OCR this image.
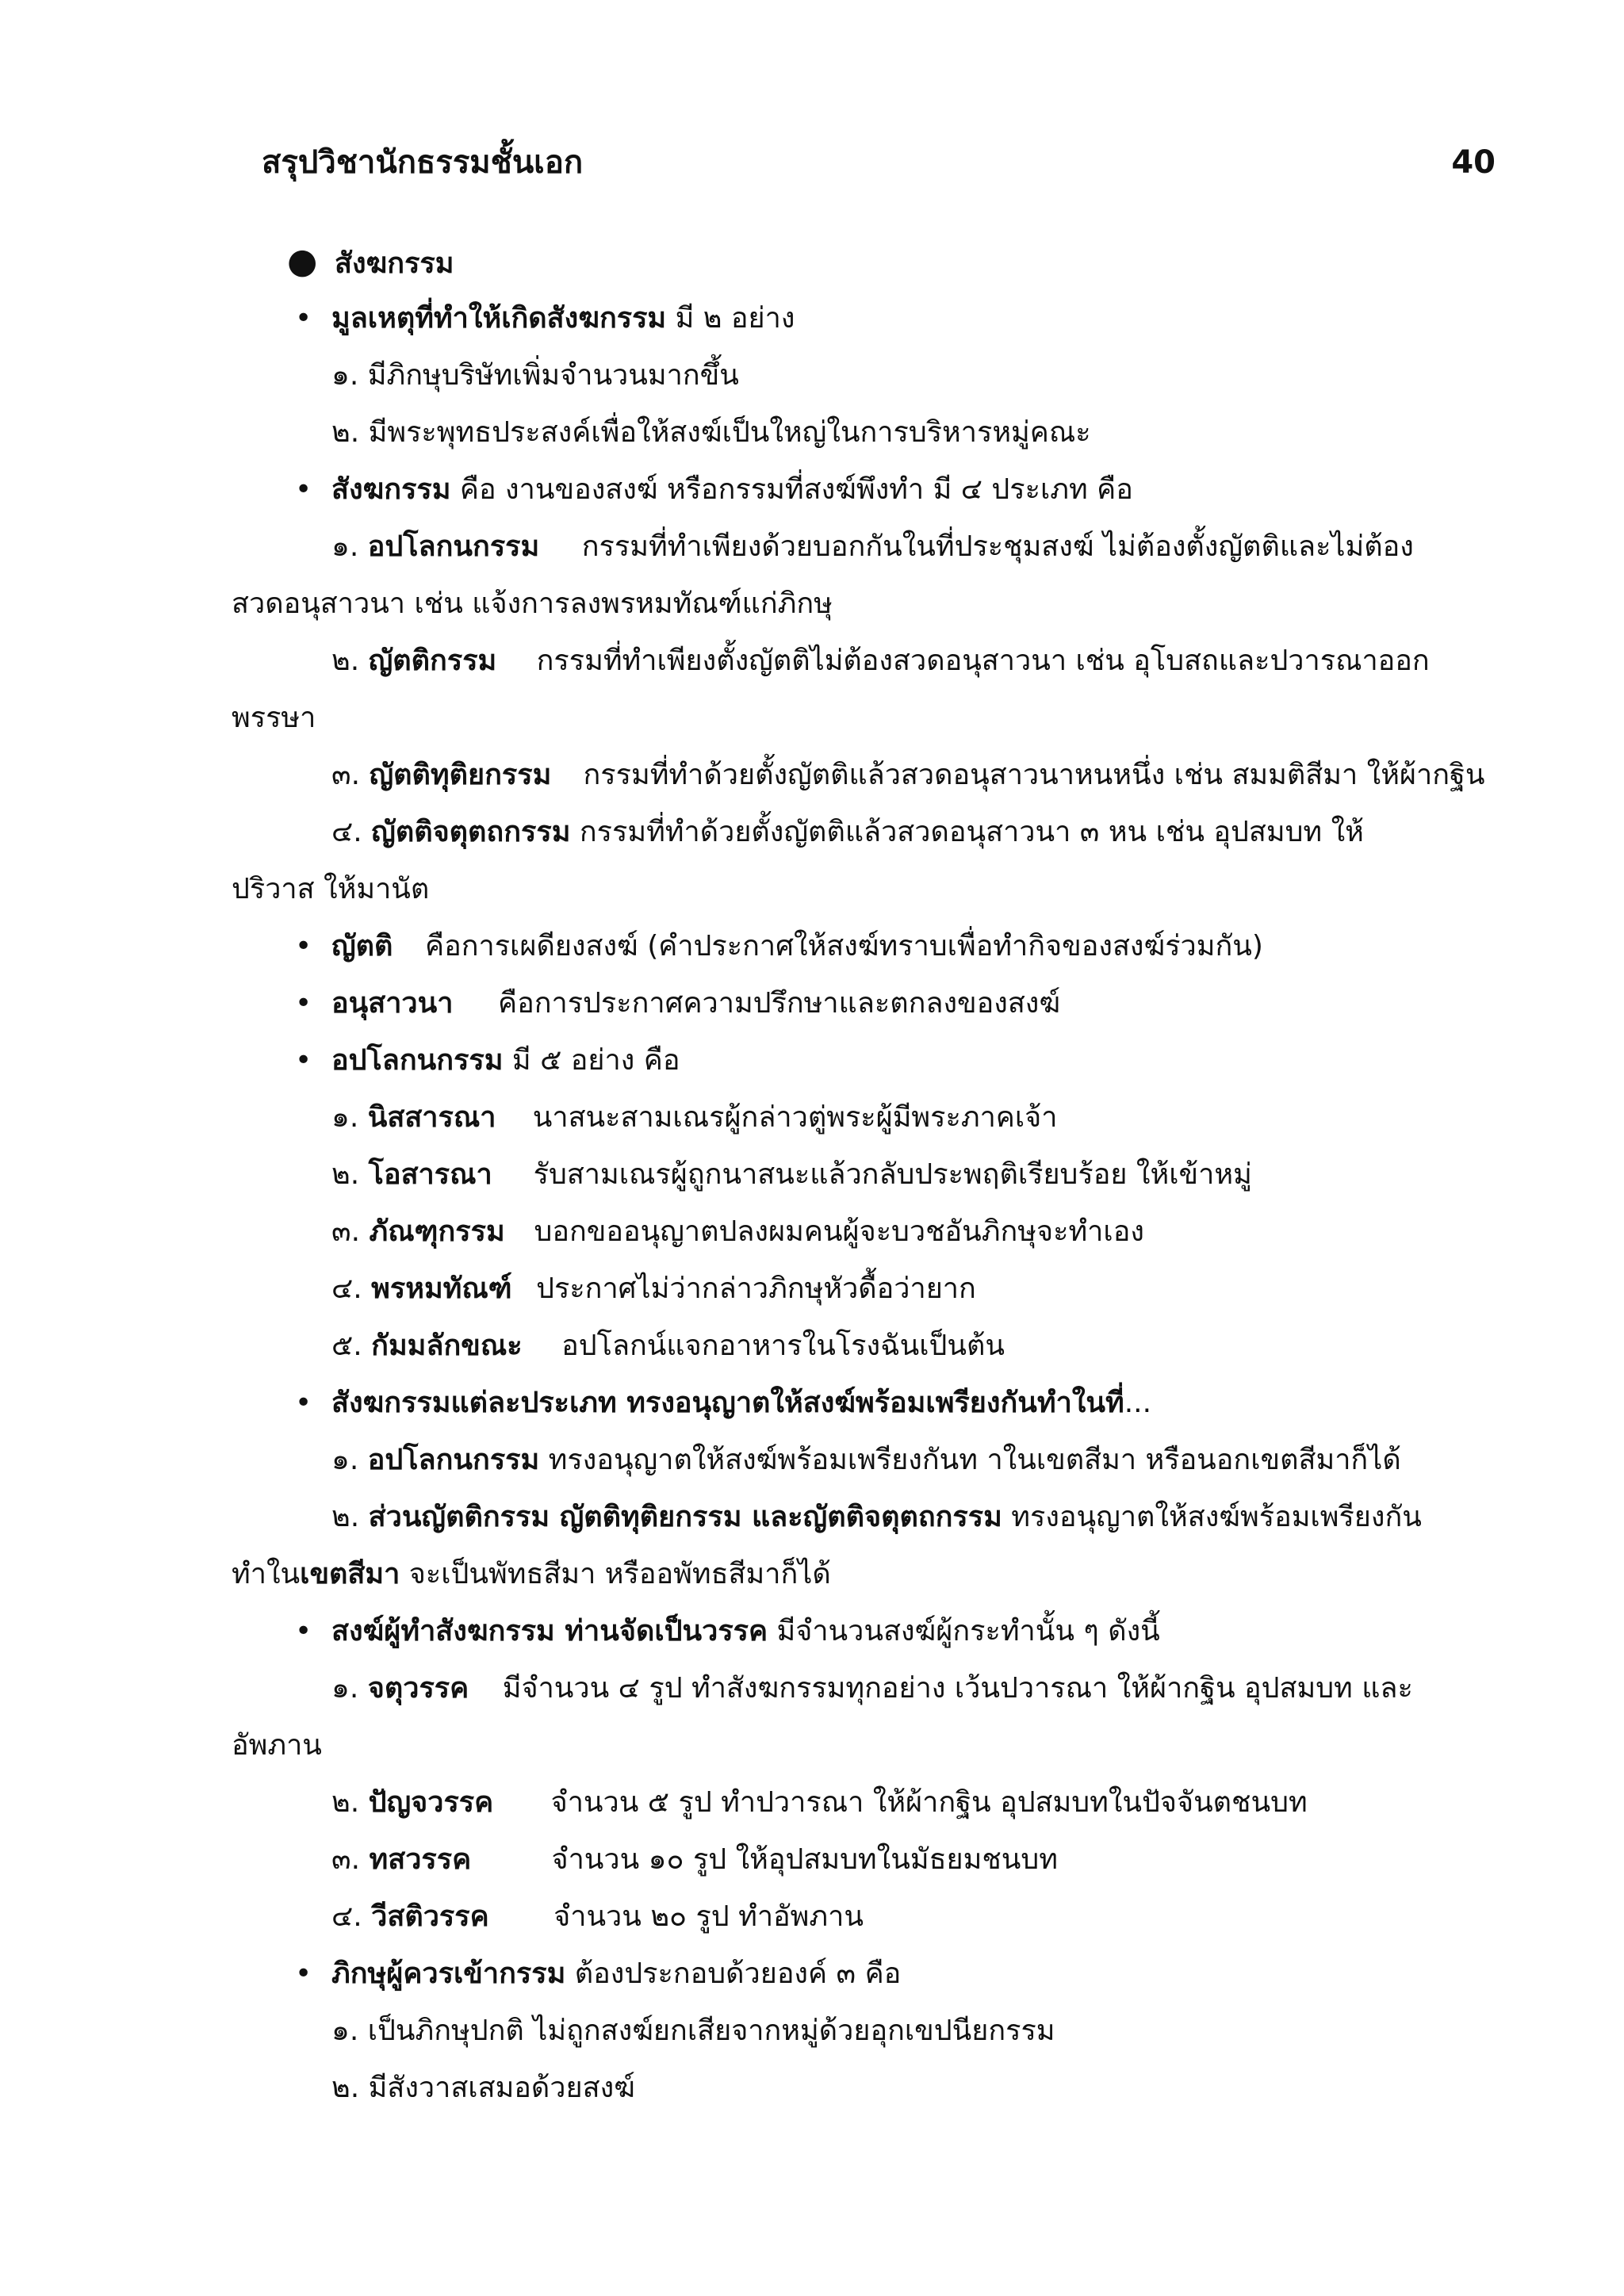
สรุปวิชานักธรรมชั้นเอก	40
● สังฆกรรม
• มูลเหตุที่ทำให้เกิดสังฆกรรม มี ๒ อย่าง
๑. มีภิกษุบริษัทเพิ่มจำนวนมากขึ้น
๒. มีพระพุทธประสงค์เพื่อให้สงฆ์เป็นใหญ่ในการบริหารหมู่คณะ
• สังฆกรรม คือ งานของสงฆ์ หรือกรรมที่สงฆ์พึงทำ มี ๔ ประเภท คือ
๑. อปโลกนกรรม กรรมที่ทำเพียงด้วยบอกกันในที่ประชุมสงฆ์ ไม่ต้องตั้งญัตติและไม่ต้อง
สวดอนุสาวนา เช่น แจ้งการลงพรหมทัณฑ์แก่ภิกษุ
๒. ญัตติกรรม กรรมที่ทำเพียงตั้งญัตติไม่ต้องสวดอนุสาวนา เช่น อุโบสถและปวารณาออก
พรรษา
๓. ญัตติทุติยกรรม กรรมที่ทำด้วยตั้งญัตติแล้วสวดอนุสาวนาหนหนึ่ง เช่น สมมติสีมา ให้ผ้ากฐิน
๔. ญัตติจตุตถกรรม กรรมที่ทำด้วยตั้งญัตติแล้วสวดอนุสาวนา ๓ หน เช่น อุปสมบท ให้
ปริวาส ให้มานัต
• ญัตติ คือการเผดียงสงฆ์ (คำประกาศให้สงฆ์ทราบเพื่อทำกิจของสงฆ์ร่วมกัน)
• อนุสาวนา คือการประกาศความปรึกษาและตกลงของสงฆ์
• อปโลกนกรรม มี ๕ อย่าง คือ
๑. นิสสารณา นาสนะสามเณรผู้กล่าวตู่พระผู้มีพระภาคเจ้า
๒. โอสารณา รับสามเณรผู้ถูกนาสนะแล้วกลับประพฤติเรียบร้อย ให้เข้าหมู่
๓. ภัณฑุกรรม บอกขออนุญาตปลงผมคนผู้จะบวชอันภิกษุจะทำเอง
๔. พรหมทัณฑ์ ประกาศไม่ว่ากล่าวภิกษุหัวดื้อว่ายาก
๕. กัมมลักขณะ อปโลกน์แจกอาหารในโรงฉันเป็นต้น
• สังฆกรรมแต่ละประเภท ทรงอนุญาตให้สงฆ์พร้อมเพรียงกันทำในที่...
๑. อปโลกนกรรม ทรงอนุญาตให้สงฆ์พร้อมเพรียงกันท าในเขตสีมา หรือนอกเขตสีมาก็ได้
๒. ส่วนญัตติกรรม ญัตติทุติยกรรม และญัตติจตุตถกรรม ทรงอนุญาตให้สงฆ์พร้อมเพรียงกัน
ทำในเขตสีมา จะเป็นพัทธสีมา หรืออพัทธสีมาก็ได้
• สงฆ์ผู้ทำสังฆกรรม ท่านจัดเป็นวรรค มีจำนวนสงฆ์ผู้กระทำนั้น ๆ ดังนี้
๑. จตุวรรค มีจำนวน ๔ รูป ทำสังฆกรรมทุกอย่าง เว้นปวารณา ให้ผ้ากฐิน อุปสมบท และ
อัพภาน
๒. ปัญจวรรค จำนวน ๕ รูป ทำปวารณา ให้ผ้ากฐิน อุปสมบทในปัจจันตชนบท
๓. ทสวรรค	จำนวน ๑๐ รูป ให้อุปสมบทในมัธยมชนบท
๔. วีสติวรรค จำนวน ๒๐ รูป ทำอัพภาน
• ภิกษุผู้ควรเข้ากรรม ต้องประกอบด้วยองค์ ๓ คือ
๑. เป็นภิกษุปกติ ไม่ถูกสงฆ์ยกเสียจากหมู่ด้วยอุกเขปนียกรรม
๒. มีสังวาสเสมอด้วยสงฆ์
